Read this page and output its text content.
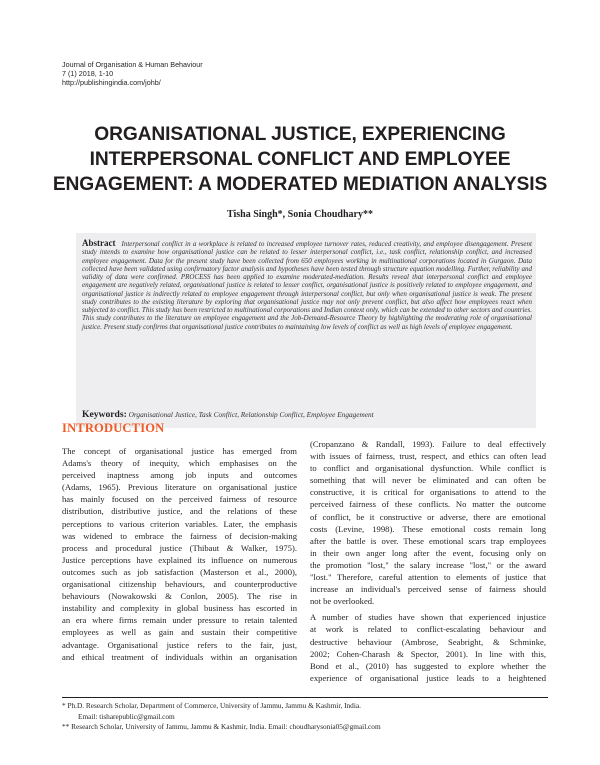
Journal of Organisation & Human Behaviour
7 (1) 2018, 1-10
http://publishingindia.com/johb/
ORGANISATIONAL JUSTICE, EXPERIENCING
INTERPERSONAL CONFLICT AND EMPLOYEE
ENGAGEMENT: A MODERATED MEDIATION ANALYSIS
Tisha Singh*, Sonia Choudhary**
Abstract Interpersonal conflict in a workplace is related to increased employee turnover rates, reduced creativity, and employee disengagement. Present study intends to examine how organisational justice can be related to lesser interpersonal conflict, i.e., task conflict, relationship conflict, and increased employee engagement. Data for the present study have been collected from 650 employees working in multinational corporations located in Gurgaon. Data collected have been validated using confirmatory factor analysis and hypotheses have been tested through structure equation modelling. Further, reliability and validity of data were confirmed. PROCESS has been applied to examine moderated-mediation. Results reveal that interpersonal conflict and employee engagement are negatively related, organisational justice is related to lesser conflict, organisational justice is positively related to employee engagement, and organisational justice is indirectly related to employee engagement through interpersonal conflict, but only when organisational justice is weak. The present study contributes to the existing literature by exploring that organisational justice may not only prevent conflict, but also affect how employees react when subjected to conflict. This study has been restricted to multinational corporations and Indian context only, which can be extended to other sectors and countries. This study contributes to the literature on employee engagement and the Job-Demand-Resource Theory by highlighting the moderating role of organisational justice. Present study confirms that organisational justice contributes to maintaining low levels of conflict as well as high levels of employee engagement.
Keywords: Organisational Justice, Task Conflict, Relationship Conflict, Employee Engagement
INTRODUCTION
The concept of organisational justice has emerged from
Adams's theory of inequity, which emphasises on the
perceived inaptness among job inputs and outcomes
(Adams, 1965). Previous literature on organisational justice
has mainly focused on the perceived fairness of resource
distribution, distributive justice, and the relations of these
perceptions to various criterion variables. Later, the emphasis
was widened to embrace the fairness of decision-making
process and procedural justice (Thibaut & Walker, 1975).
Justice perceptions have explained its influence on numerous
outcomes such as job satisfaction (Masterson et al., 2000),
organisational citizenship behaviours, and counterproductive
behaviours (Nowakowski & Conlon, 2005). The rise in
instability and complexity in global business has escorted in
an era where firms remain under pressure to retain talented
employees as well as gain and sustain their competitive
advantage. Organisational justice refers to the fair, just,
and ethical treatment of individuals within an organisation
(Cropanzano & Randall, 1993). Failure to deal effectively
with issues of fairness, trust, respect, and ethics can often lead
to conflict and organisational dysfunction. While conflict is
something that will never be eliminated and can often be
constructive, it is critical for organisations to attend to the
perceived fairness of these conflicts. No matter the outcome
of conflict, be it constructive or adverse, there are emotional
costs (Levine, 1998). These emotional costs remain long
after the battle is over. These emotional scars trap employees
in their own anger long after the event, focusing only on
the promotion "lost," the salary increase "lost," or the award
"lost." Therefore, careful attention to elements of justice that
increase an individual's perceived sense of fairness should
not be overlooked.
A number of studies have shown that experienced injustice
at work is related to conflict-escalating behaviour and
destructive behaviour (Ambrose, Seabright, & Schminke,
2002; Cohen-Charash & Spector, 2001). In line with this,
Bond et al., (2010) has suggested to explore whether the
experience of organisational justice leads to a heightened
* Ph.D. Research Scholar, Department of Commerce, University of Jammu, Jammu & Kashmir, India.
Email: tisharepublic@gmail.com
** Research Scholar, University of Jammu, Jammu & Kashmir, India. Email: choudharysonia05@gmail.com
